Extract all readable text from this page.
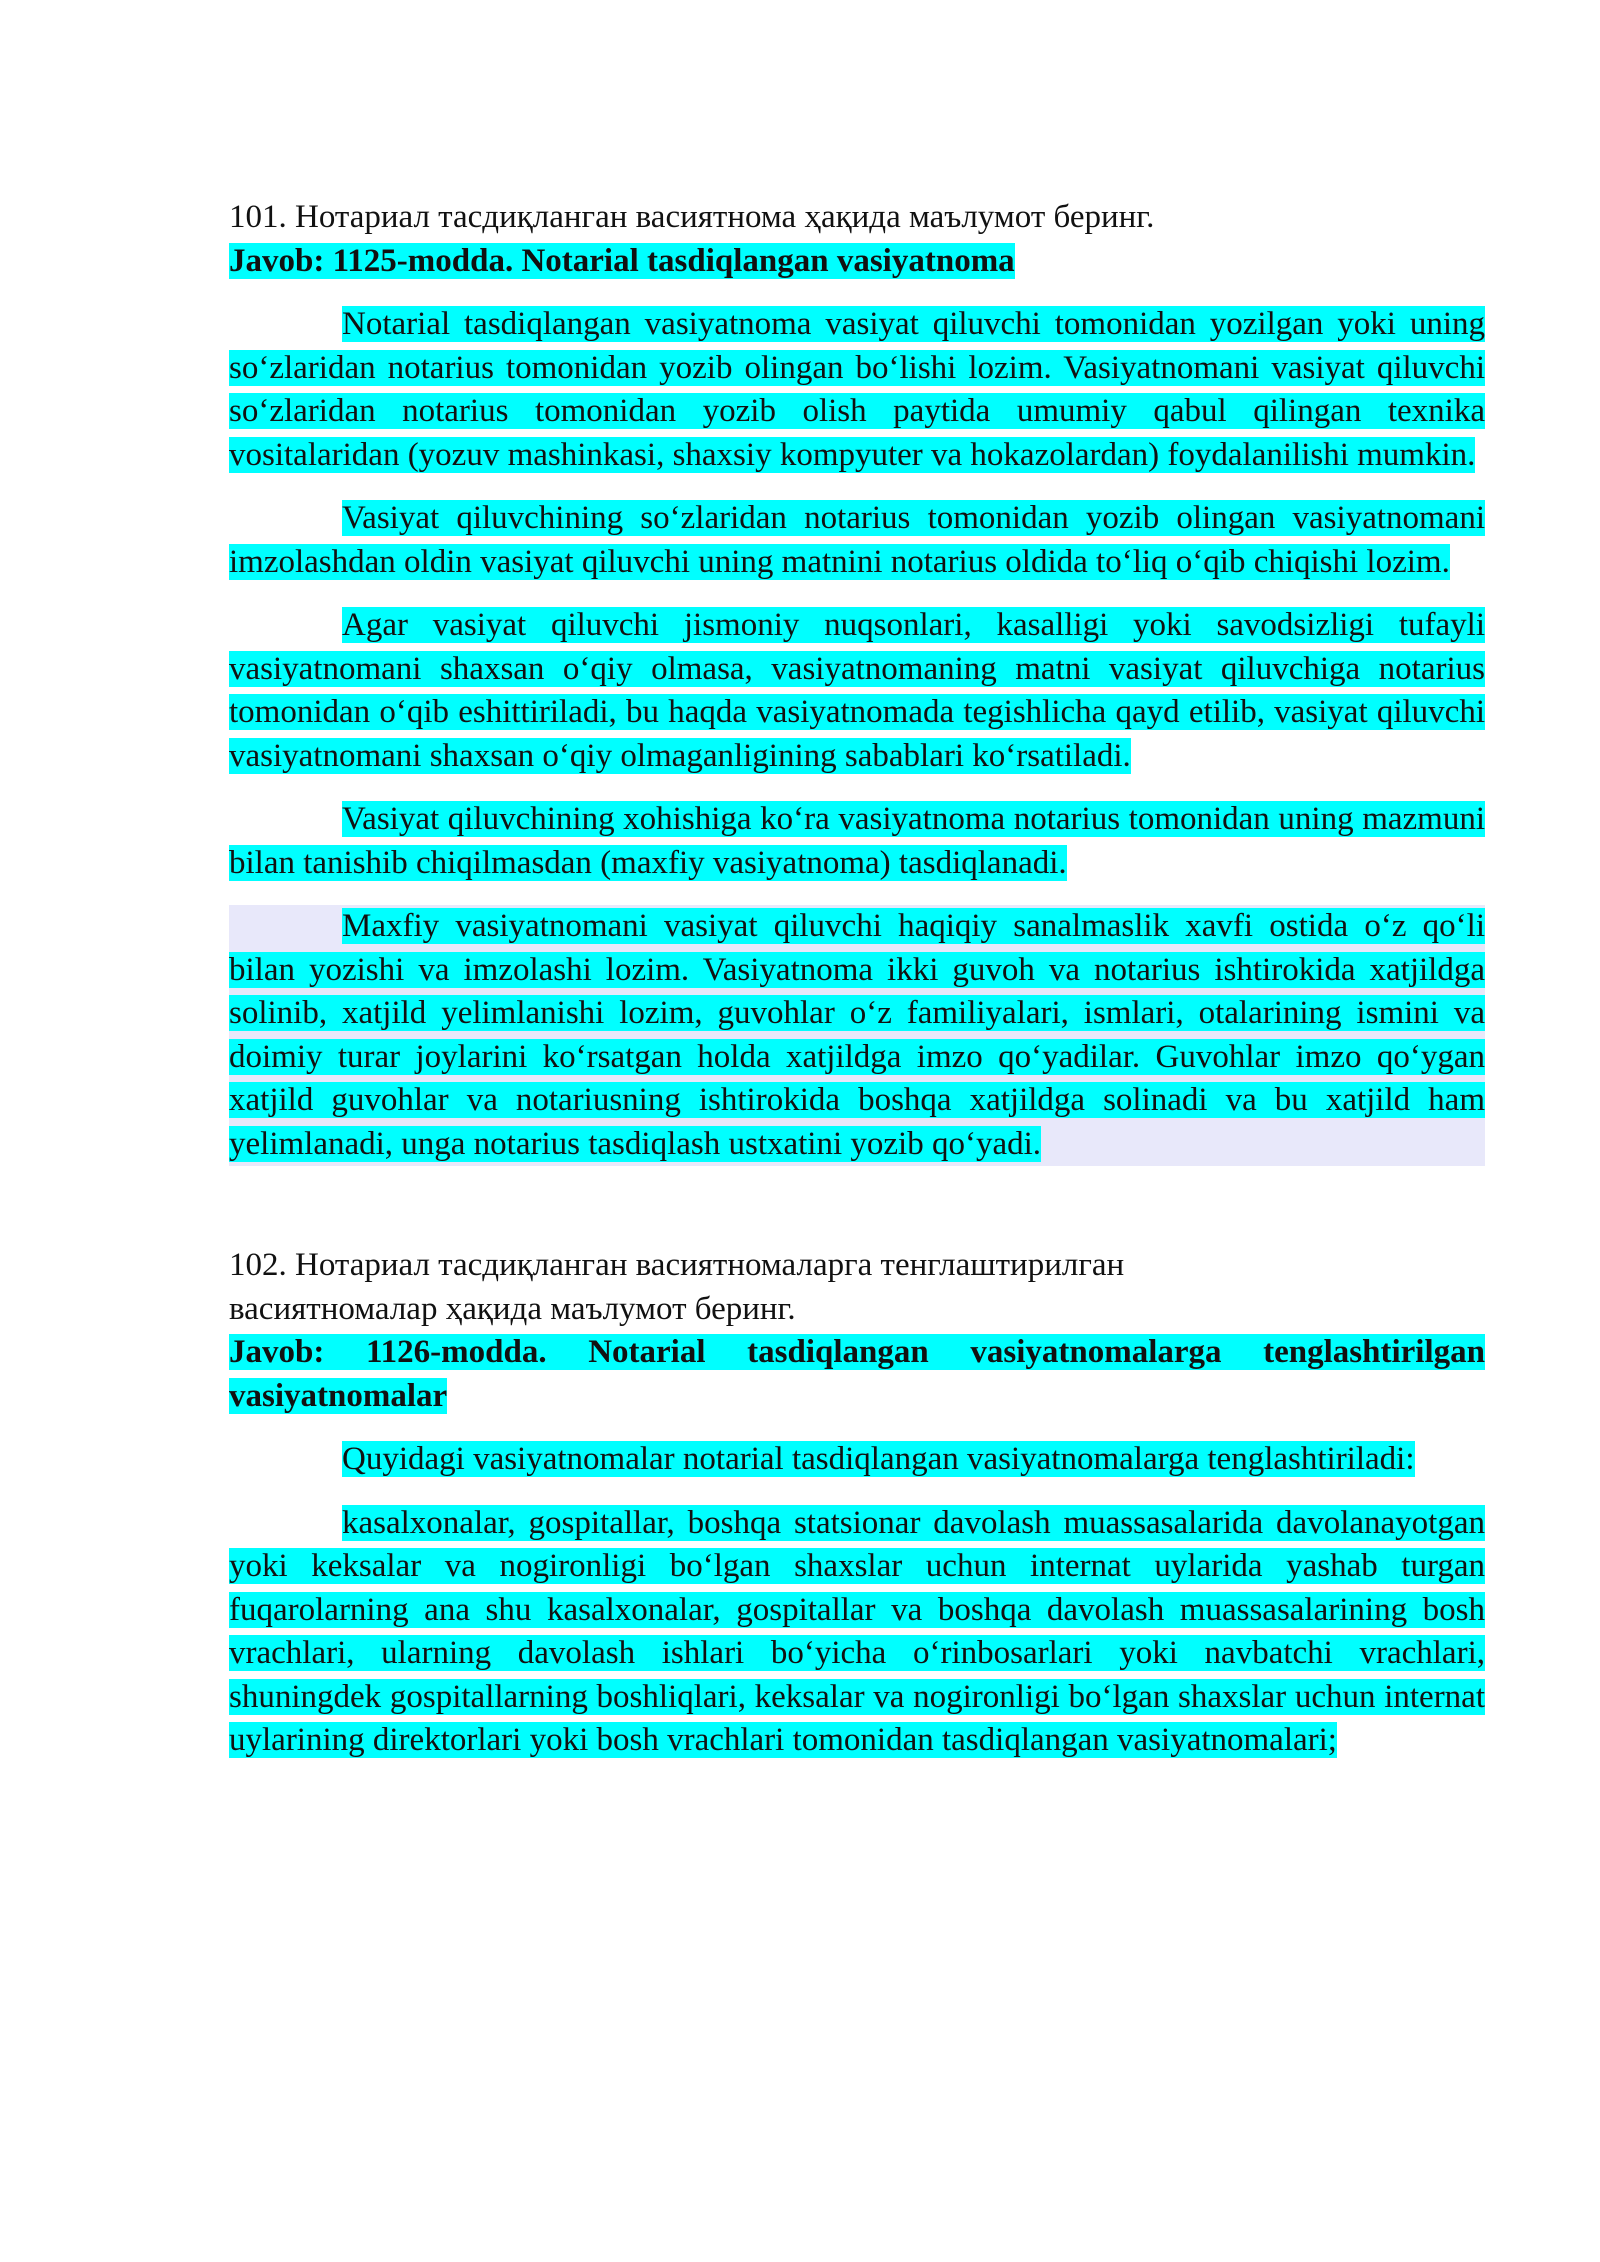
101. Нотариал тасдиқланган васиятнома ҳақида маълумот беринг.

Javob: 1125-modda. Notarial tasdiqlangan vasiyatnoma

Notarial tasdiqlangan vasiyatnoma vasiyat qiluvchi tomonidan yozilgan yoki uning so‘zlaridan notarius tomonidan yozib olingan bo‘lishi lozim. Vasiyatnomani vasiyat qiluvchi so‘zlaridan notarius tomonidan yozib olish paytida umumiy qabul qilingan texnika vositalaridan (yozuv mashinkasi, shaxsiy kompyuter va hokazolardan) foydalanilishi mumkin.

Vasiyat qiluvchining so‘zlaridan notarius tomonidan yozib olingan vasiyatnomani imzolashdan oldin vasiyat qiluvchi uning matnini notarius oldida to‘liq o‘qib chiqishi lozim.

Agar vasiyat qiluvchi jismoniy nuqsonlari, kasalligi yoki savodsizligi tufayli vasiyatnomani shaxsan o‘qiy olmasa, vasiyatnomaning matni vasiyat qiluvchiga notarius tomonidan o‘qib eshittiriladi, bu haqda vasiyatnomada tegishlicha qayd etilib, vasiyat qiluvchi vasiyatnomani shaxsan o‘qiy olmaganligining sabablari ko‘rsatiladi.

Vasiyat qiluvchining xohishiga ko‘ra vasiyatnoma notarius tomonidan uning mazmuni bilan tanishib chiqilmasdan (maxfiy vasiyatnoma) tasdiqlanadi.

Maxfiy vasiyatnomani vasiyat qiluvchi haqiqiy sanalmaslik xavfi ostida o‘z qo‘li bilan yozishi va imzolashi lozim. Vasiyatnoma ikki guvoh va notarius ishtirokida xatjildga solinib, xatjild yelimlanishi lozim, guvohlar o‘z familiyalari, ismlari, otalarining ismini va doimiy turar joylarini ko‘rsatgan holda xatjildga imzo qo‘yadilar. Guvohlar imzo qo‘ygan xatjild guvohlar va notariusning ishtirokida boshqa xatjildga solinadi va bu xatjild ham yelimlanadi, unga notarius tasdiqlash ustxatini yozib qo‘yadi.

102. Нотариал тасдиқланган васиятномаларга тенглаштирилган

васиятномалар ҳақида маълумот беринг.

Javob: 1126-modda. Notarial tasdiqlangan vasiyatnomalarga tenglashtirilgan vasiyatnomalar

Quyidagi vasiyatnomalar notarial tasdiqlangan vasiyatnomalarga tenglashtiriladi:

kasalxonalar, gospitallar, boshqa statsionar davolash muassasalarida davolanayotgan yoki keksalar va nogironligi bo‘lgan shaxslar uchun internat uylarida yashab turgan fuqarolarning ana shu kasalxonalar, gospitallar va boshqa davolash muassasalarining bosh vrachlari, ularning davolash ishlari bo‘yicha o‘rinbosarlari yoki navbatchi vrachlari, shuningdek gospitallarning boshliqlari, keksalar va nogironligi bo‘lgan shaxslar uchun internat uylarining direktorlari yoki bosh vrachlari tomonidan tasdiqlangan vasiyatnomalari;
